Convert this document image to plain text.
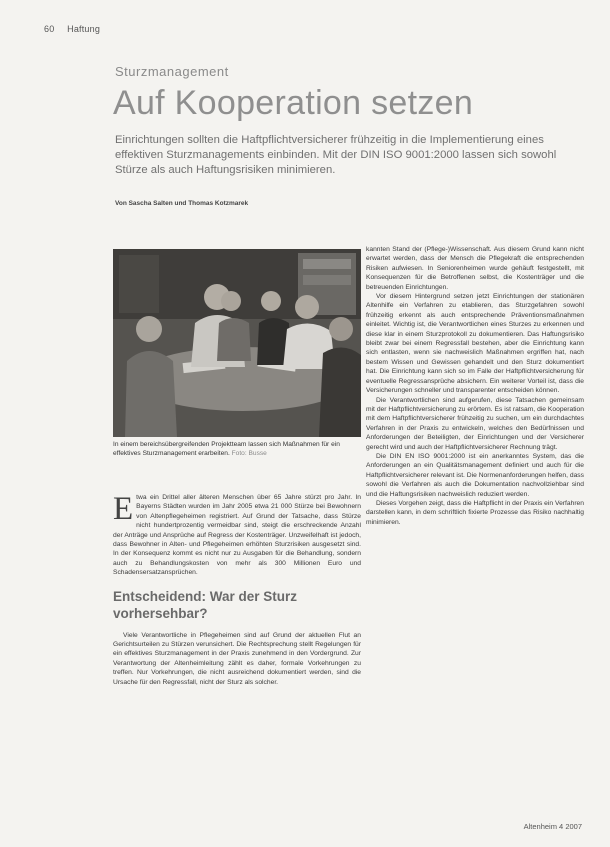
60 Haftung
Sturzmanagement
Auf Kooperation setzen
Einrichtungen sollten die Haftpflichtversicherer frühzeitig in die Implementierung eines effektiven Sturzmanagements einbinden. Mit der DIN ISO 9001:2000 lassen sich sowohl Stürze als auch Haftungsrisiken minimieren.
Von Sascha Salten und Thomas Kotzmarek
In einem bereichsübergreifenden Projektteam lassen sich Maßnahmen für ein effektives Sturzmanagement erarbeiten. Foto: Busse

E twa ein Drittel aller älteren Menschen über 65 Jahre stürzt pro Jahr. In Bayerns Städten wurden im Jahr 2005 etwa 21 000 Stürze bei Bewohnern von Altenpflegeheimen registriert. Auf Grund der Tatsache, dass Stürze nicht hundertprozentig vermeidbar sind, steigt die erschreckende Anzahl der Anträge und Ansprüche auf Regress der Kostenträger. Unzweifelhaft ist jedoch, dass Bewohner in Alten- und Pflegeheimen erhöhten Sturzrisiken ausgesetzt sind. In der Konsequenz kommt es nicht nur zu Ausgaben für die Behandlung, sondern auch zu Behandlungskosten von mehr als 300 Millionen Euro und Schadensersatzansprüchen.

Entscheidend: War der Sturz vorhersehbar?

Viele Verantwortliche in Pflegeheimen sind auf Grund der aktuellen Flut an Gerichtsurteilen zu Stürzen verunsichert. Die Rechtsprechung stellt Regelungen für ein effektives Sturzmanagement in der Praxis zunehmend in den Vordergrund. Zur Verantwortung der Altenheimleitung zählt es daher, formale Vorkehrungen zu treffen. Nur Vorkehrungen, die nicht ausreichend dokumentiert werden, sind die Ursache für den Regressfall, nicht der Sturz als solcher.

kannten Stand der (Pflege-)Wissenschaft. Aus diesem Grund kann nicht erwartet werden, dass der Mensch die Pflegekraft die entsprechenden Risiken aufwiesen. In Seniorenheimen wurde gehäuft festgestellt, mit Konsequenzen für die Betroffenen selbst, die Kostenträger und die betreuenden Einrichtungen.

Vor diesem Hintergrund setzen jetzt Einrichtungen der stationären Altenhilfe ein Verfahren zu etablieren, das Sturzgefahren sowohl frühzeitig erkennt als auch entsprechende Präventionsmaßnahmen einleitet. Wichtig ist, die Verantwortlichen eines Sturzes zu erkennen und diese klar in einem Sturzprotokoll zu dokumentieren. Das Haftungsrisiko bleibt zwar bei einem Regressfall bestehen, aber die Einrichtung kann sich entlasten, wenn sie nachweislich Maßnahmen ergriffen hat, nach bestem Wissen und Gewissen gehandelt und den Sturz dokumentiert hat. Die Einrichtung kann sich so im Falle der Haftpflichtversicherung für eventuelle Regressansprüche absichern. Ein weiterer Vorteil ist, dass die Versicherungen schneller und transparenter entscheiden können.

Die Verantwortlichen sind aufgerufen, diese Tatsachen gemeinsam mit der Haftpflichtversicherung zu erörtern. Es ist ratsam, die Kooperation mit dem Haftpflichtversicherer frühzeitig zu suchen, um ein durchdachtes Verfahren in der Praxis zu entwickeln, welches den Bedürfnissen und Anforderungen der Beteiligten, der Einrichtungen und der Versicherer gerecht wird und auch der Haftpflichtversicherer Rechnung trägt.

Die DIN EN ISO 9001:2000 ist ein anerkanntes System, das die Anforderungen an ein Qualitätsmanagement definiert und auch für die Haftpflichtversicherer relevant ist. Die Normenanforderungen helfen, dass sowohl die Verfahren als auch die Dokumentation nachvollziehbar sind und die Haftungsrisiken nachweislich reduziert werden.

Dieses Vorgehen zeigt, dass die Haftpflicht in der Praxis ein Verfahren darstellen kann, in dem schriftlich fixierte Prozesse das Risiko nachhaltig minimieren.

Altenheim 4 2007
